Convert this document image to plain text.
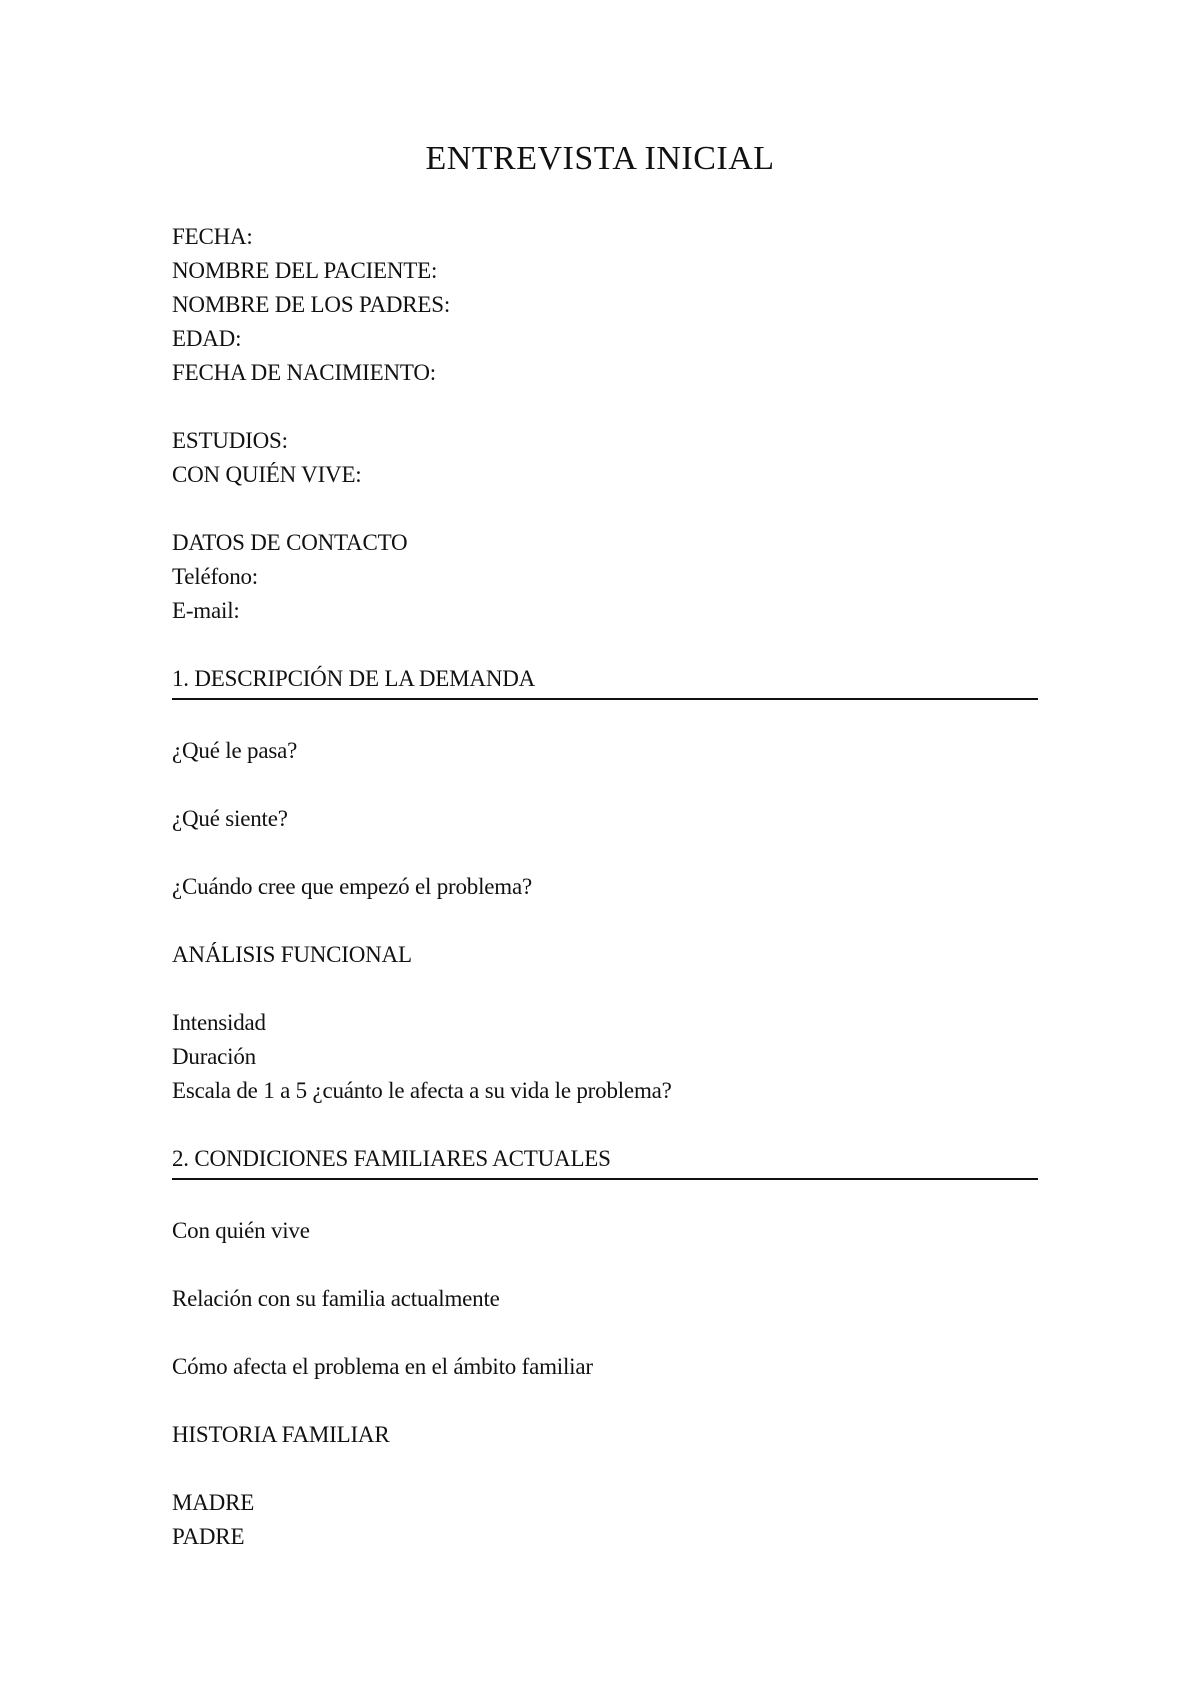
ENTREVISTA INICIAL
FECHA:
NOMBRE DEL PACIENTE:
NOMBRE DE LOS PADRES:
EDAD:
FECHA DE NACIMIENTO:
ESTUDIOS:
CON QUIÉN VIVE:
DATOS DE CONTACTO
Teléfono:
E-mail:
1. DESCRIPCIÓN DE LA DEMANDA
¿Qué le pasa?
¿Qué siente?
¿Cuándo cree que empezó el problema?
ANÁLISIS FUNCIONAL
Intensidad
Duración
Escala de 1 a 5 ¿cuánto le afecta a su vida le problema?
2. CONDICIONES FAMILIARES ACTUALES
Con quién vive
Relación con su familia actualmente
Cómo afecta el problema en el ámbito familiar
HISTORIA FAMILIAR
MADRE
PADRE
